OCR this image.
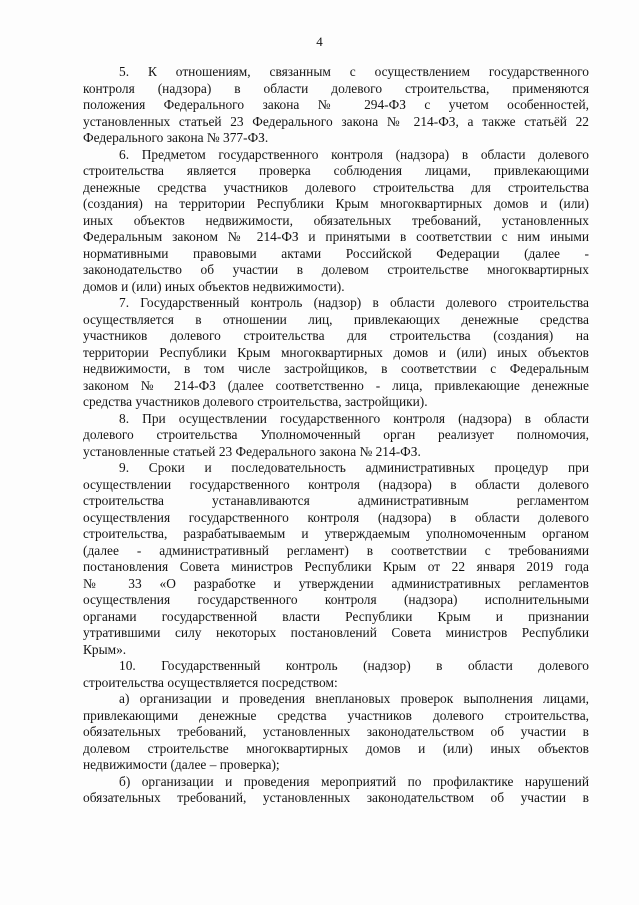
4
5. К отношениям, связанным с осуществлением государственного
контроля (надзора) в области долевого строительства, применяются
положения Федерального закона № 294-ФЗ с учетом особенностей,
установленных статьей 23 Федерального закона № 214-ФЗ, а также статьёй 22
Федерального закона № 377-ФЗ.
6. Предметом государственного контроля (надзора) в области долевого
строительства является проверка соблюдения лицами, привлекающими
денежные средства участников долевого строительства для строительства
(создания) на территории Республики Крым многоквартирных домов и (или)
иных объектов недвижимости, обязательных требований, установленных
Федеральным законом № 214-ФЗ и принятыми в соответствии с ним иными
нормативными правовыми актами Российской Федерации (далее -
законодательство об участии в долевом строительстве многоквартирных
домов и (или) иных объектов недвижимости).
7. Государственный контроль (надзор) в области долевого строительства
осуществляется в отношении лиц, привлекающих денежные средства
участников долевого строительства для строительства (создания) на
территории Республики Крым многоквартирных домов и (или) иных объектов
недвижимости, в том числе застройщиков, в соответствии с Федеральным
законом № 214-ФЗ (далее соответственно - лица, привлекающие денежные
средства участников долевого строительства, застройщики).
8. При осуществлении государственного контроля (надзора) в области
долевого строительства Уполномоченный орган реализует полномочия,
установленные статьей 23 Федерального закона № 214-ФЗ.
9. Сроки и последовательность административных процедур при
осуществлении государственного контроля (надзора) в области долевого
строительства устанавливаются административным регламентом
осуществления государственного контроля (надзора) в области долевого
строительства, разрабатываемым и утверждаемым уполномоченным органом
(далее - административный регламент) в соответствии с требованиями
постановления Совета министров Республики Крым от 22 января 2019 года
№ 33 «О разработке и утверждении административных регламентов
осуществления государственного контроля (надзора) исполнительными
органами государственной власти Республики Крым и признании
утратившими силу некоторых постановлений Совета министров Республики
Крым».
10. Государственный контроль (надзор) в области долевого
строительства осуществляется посредством:
а) организации и проведения внеплановых проверок выполнения лицами,
привлекающими денежные средства участников долевого строительства,
обязательных требований, установленных законодательством об участии в
долевом строительстве многоквартирных домов и (или) иных объектов
недвижимости (далее – проверка);
б) организации и проведения мероприятий по профилактике нарушений
обязательных требований, установленных законодательством об участии в
